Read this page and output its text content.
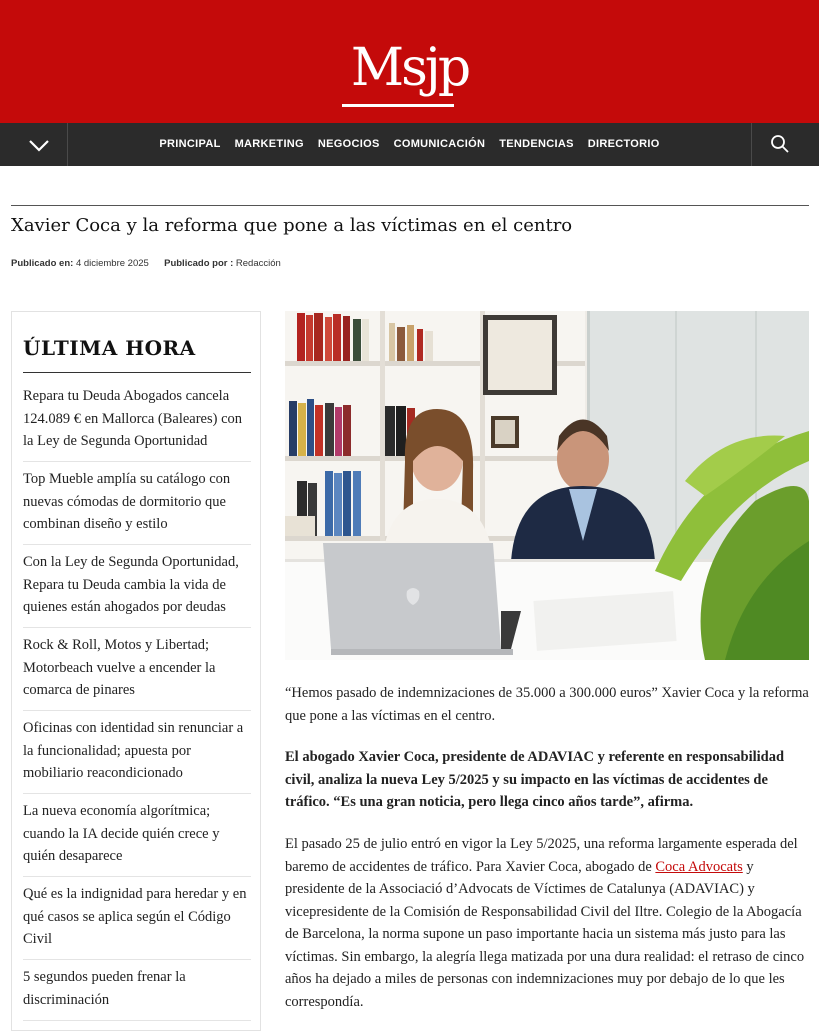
Msjp
PRINCIPAL MARKETING NEGOCIOS COMUNICACIÓN TENDENCIAS DIRECTORIO
Xavier Coca y la reforma que pone a las víctimas en el centro
Publicado en: 4 diciembre 2025 Publicado por : Redacción
ÚLTIMA HORA
Repara tu Deuda Abogados cancela 124.089 € en Mallorca (Baleares) con la Ley de Segunda Oportunidad
Top Mueble amplía su catálogo con nuevas cómodas de dormitorio que combinan diseño y estilo
Con la Ley de Segunda Oportunidad, Repara tu Deuda cambia la vida de quienes están ahogados por deudas
Rock & Roll, Motos y Libertad; Motorbeach vuelve a encender la comarca de pinares
Oficinas con identidad sin renunciar a la funcionalidad; apuesta por mobiliario reacondicionado
La nueva economía algorítmica; cuando la IA decide quién crece y quién desaparece
Qué es la indignidad para heredar y en qué casos se aplica según el Código Civil
5 segundos pueden frenar la discriminación

“Hemos pasado de indemnizaciones de 35.000 a 300.000 euros” Xavier Coca y la reforma que pone a las víctimas en el centro.

El abogado Xavier Coca, presidente de ADAVIAC y referente en responsabilidad civil, analiza la nueva Ley 5/2025 y su impacto en las víctimas de accidentes de tráfico. “Es una gran noticia, pero llega cinco años tarde”, afirma.

El pasado 25 de julio entró en vigor la Ley 5/2025, una reforma largamente esperada del baremo de accidentes de tráfico. Para Xavier Coca, abogado de Coca Advocats y presidente de la Associació d’Advocats de Víctimes de Catalunya (ADAVIAC) y vicepresidente de la Comisión de Responsabilidad Civil del Iltre. Colegio de la Abogacía de Barcelona, la norma supone un paso importante hacia un sistema más justo para las víctimas. Sin embargo, la alegría llega matizada por una dura realidad: el retraso de cinco años ha dejado a miles de personas con indemnizaciones muy por debajo de lo que les correspondía.
